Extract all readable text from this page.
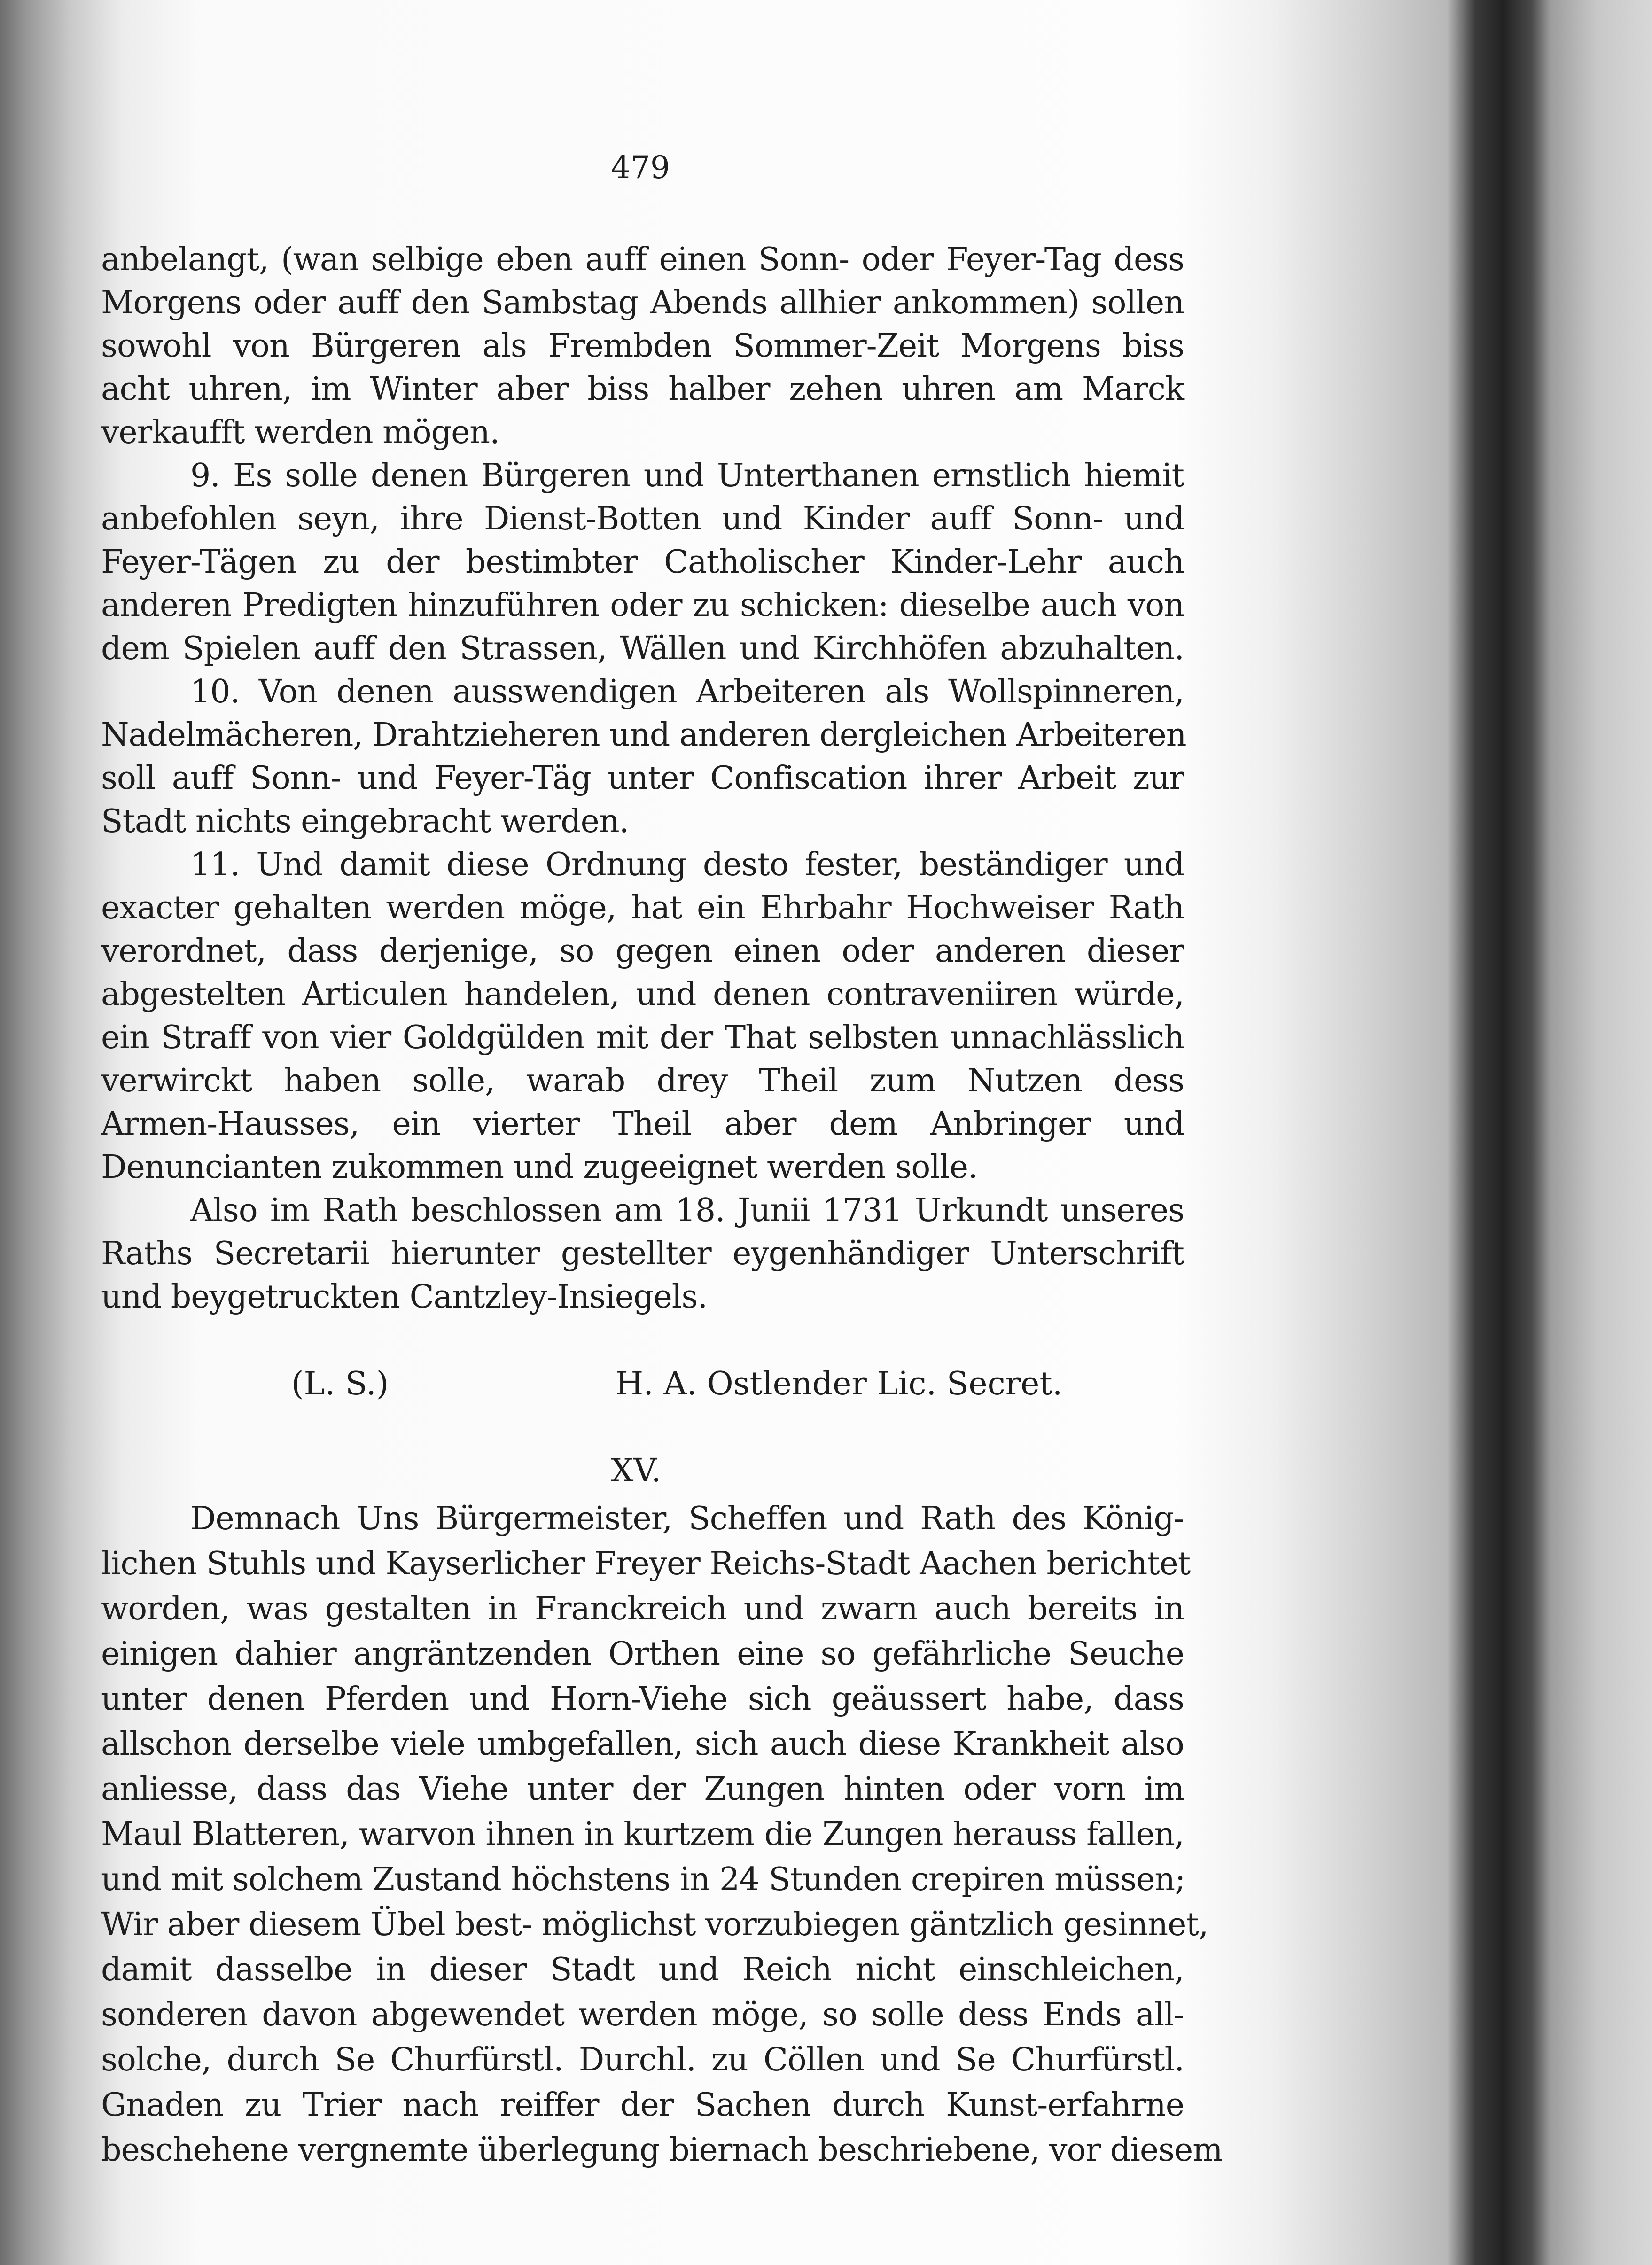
479
anbelangt, (wan selbige eben auff einen Sonn- oder Feyer-Tag dess
Morgens oder auff den Sambstag Abends allhier ankommen) sollen
sowohl von Bürgeren als Frembden Sommer-Zeit Morgens biss
acht uhren, im Winter aber biss halber zehen uhren am Marck
verkaufft werden mögen.
9. Es solle denen Bürgeren und Unterthanen ernstlich hiemit
anbefohlen seyn, ihre Dienst-Botten und Kinder auff Sonn- und
Feyer-Tägen zu der bestimbter Catholischer Kinder-Lehr auch
anderen Predigten hinzuführen oder zu schicken: dieselbe auch von
dem Spielen auff den Strassen, Wällen und Kirchhöfen abzuhalten.
10. Von denen ausswendigen Arbeiteren als Wollspinneren,
Nadelmächeren, Drahtzieheren und anderen dergleichen Arbeiteren
soll auff Sonn- und Feyer-Täg unter Confiscation ihrer Arbeit zur
Stadt nichts eingebracht werden.
11. Und damit diese Ordnung desto fester, beständiger und
exacter gehalten werden möge, hat ein Ehrbahr Hochweiser Rath
verordnet, dass derjenige, so gegen einen oder anderen dieser
abgestelten Articulen handelen, und denen contraveniiren würde,
ein Straff von vier Goldgülden mit der That selbsten unnachlässlich
verwirckt haben solle, warab drey Theil zum Nutzen dess
Armen-Hausses, ein vierter Theil aber dem Anbringer und
Denuncianten zukommen und zugeeignet werden solle.
Also im Rath beschlossen am 18. Junii 1731 Urkundt unseres
Raths Secretarii hierunter gestellter eygenhändiger Unterschrift
und beygetruckten Cantzley-Insiegels.
(L. S.)	H. A. Ostlender Lic. Secret.
XV.
Demnach Uns Bürgermeister, Scheffen und Rath des König-
lichen Stuhls und Kayserlicher Freyer Reichs-Stadt Aachen berichtet
worden, was gestalten in Franckreich und zwarn auch bereits in
einigen dahier angräntzenden Orthen eine so gefährliche Seuche
unter denen Pferden und Horn-Viehe sich geäussert habe, dass
allschon derselbe viele umbgefallen, sich auch diese Krankheit also
anliesse, dass das Viehe unter der Zungen hinten oder vorn im
Maul Blatteren, warvon ihnen in kurtzem die Zungen herauss fallen,
und mit solchem Zustand höchstens in 24 Stunden crepiren müssen;
Wir aber diesem Übel best- möglichst vorzubiegen gäntzlich gesinnet,
damit dasselbe in dieser Stadt und Reich nicht einschleichen,
sonderen davon abgewendet werden möge, so solle dess Ends all-
solche, durch Se Churfürstl. Durchl. zu Cöllen und Se Churfürstl.
Gnaden zu Trier nach reiffer der Sachen durch Kunst-erfahrne
beschehene vergnemte überlegung biernach beschriebene, vor diesem
